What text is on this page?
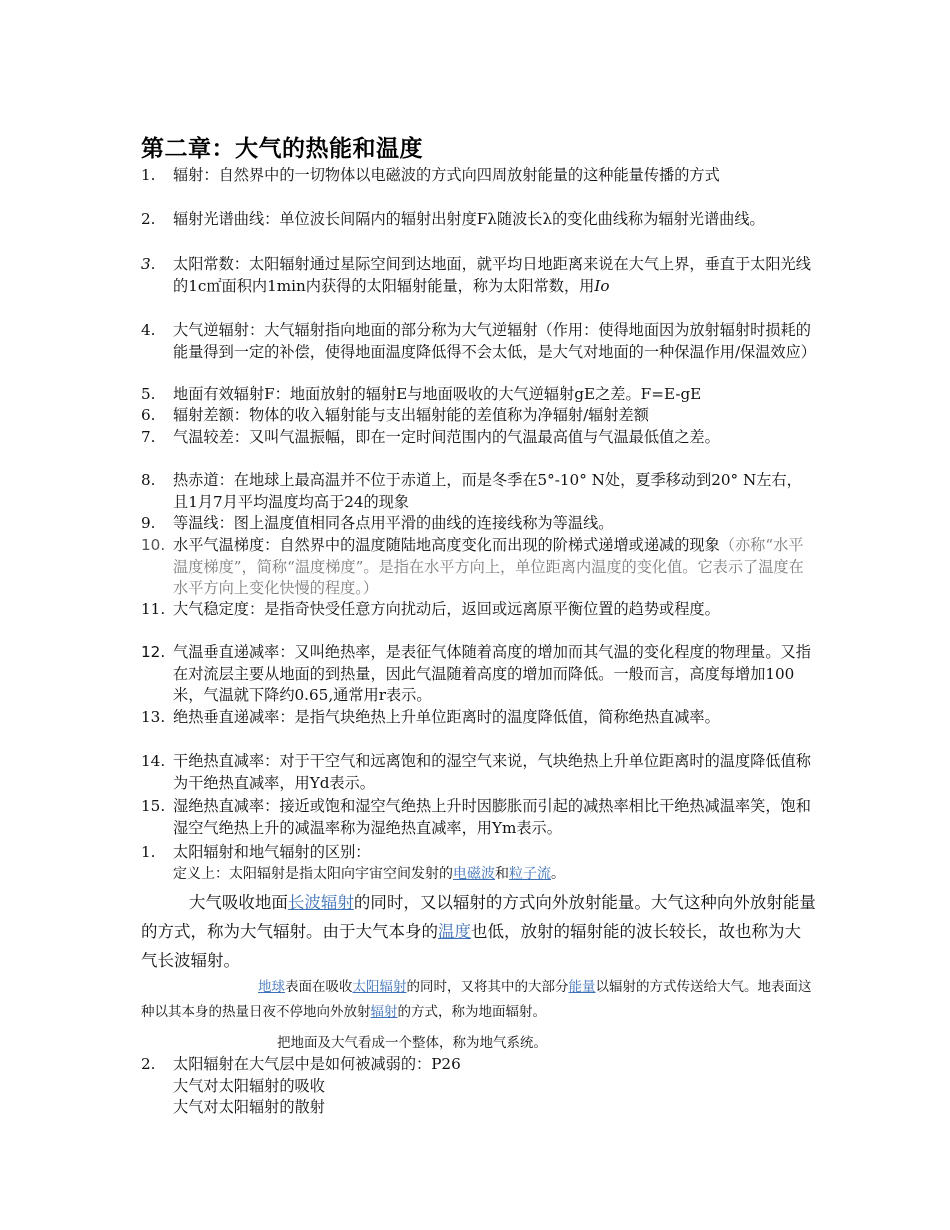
第二章：大气的热能和温度
1.	辐射：自然界中的一切物体以电磁波的方式向四周放射能量的这种能量传播的方式
2.	辐射光谱曲线：单位波长间隔内的辐射出射度Fλ随波长λ的变化曲线称为辐射光谱曲线。
3.	太阳常数：太阳辐射通过星际空间到达地面，就平均日地距离来说在大气上界，垂直于太阳光线的1c㎡面积内1min内获得的太阳辐射能量，称为太阳常数，用Io
4.	大气逆辐射：大气辐射指向地面的部分称为大气逆辐射（作用：使得地面因为放射辐射时损耗的能量得到一定的补偿，使得地面温度降低得不会太低，是大气对地面的一种保温作用/保温效应）
5.	地面有效辐射F：地面放射的辐射E与地面吸收的大气逆辐射gE之差。F=E-gE
6.	辐射差额：物体的收入辐射能与支出辐射能的差值称为净辐射/辐射差额
7.	气温较差：又叫气温振幅，即在一定时间范围内的气温最高值与气温最低值之差。
8.	热赤道：在地球上最高温并不位于赤道上，而是冬季在5°-10° N处，夏季移动到20° N左右，且1月7月平均温度均高于24的现象
9.	等温线：图上温度值相同各点用平滑的曲线的连接线称为等温线。
10. 水平气温梯度：自然界中的温度随陆地高度变化而出现的阶梯式递增或递减的现象（亦称“水平温度梯度”，简称“温度梯度”。是指在水平方向上，单位距离内温度的变化值。它表示了温度在水平方向上变化快慢的程度。）
11. 大气稳定度：是指奇快受任意方向扰动后，返回或远离原平衡位置的趋势或程度。
12. 气温垂直递减率：又叫绝热率，是表征气体随着高度的增加而其气温的变化程度的物理量。又指在对流层主要从地面的到热量，因此气温随着高度的增加而降低。一般而言，高度每增加100米，气温就下降约0.65,通常用r表示。
13. 绝热垂直递减率：是指气块绝热上升单位距离时的温度降低值，简称绝热直减率。
14. 干绝热直减率：对于干空气和远离饱和的湿空气来说，气块绝热上升单位距离时的温度降低值称为干绝热直减率，用Yd表示。
15. 湿绝热直减率：接近或饱和湿空气绝热上升时因膨胀而引起的减热率相比干绝热减温率笑，饱和湿空气绝热上升的减温率称为湿绝热直减率，用Ym表示。
1.	太阳辐射和地气辐射的区别：
定义上：太阳辐射是指太阳向宇宙空间发射的电磁波和粒子流。
大气吸收地面长波辐射的同时，又以辐射的方式向外放射能量。大气这种向外放射能量的方式，称为大气辐射。由于大气本身的温度也低，放射的辐射能的波长较长，故也称为大 气长波辐射。
地球表面在吸收太阳辐射的同时，又将其中的大部分能量以辐射的方式传送给大气。地表面这种以其本身的热量日夜不停地向外放射辐射的方式，称为地面辐射。
把地面及大气看成一个整体，称为地气系统。
2.	太阳辐射在大气层中是如何被减弱的：P26
大气对太阳辐射的吸收
大气对太阳辐射的散射
